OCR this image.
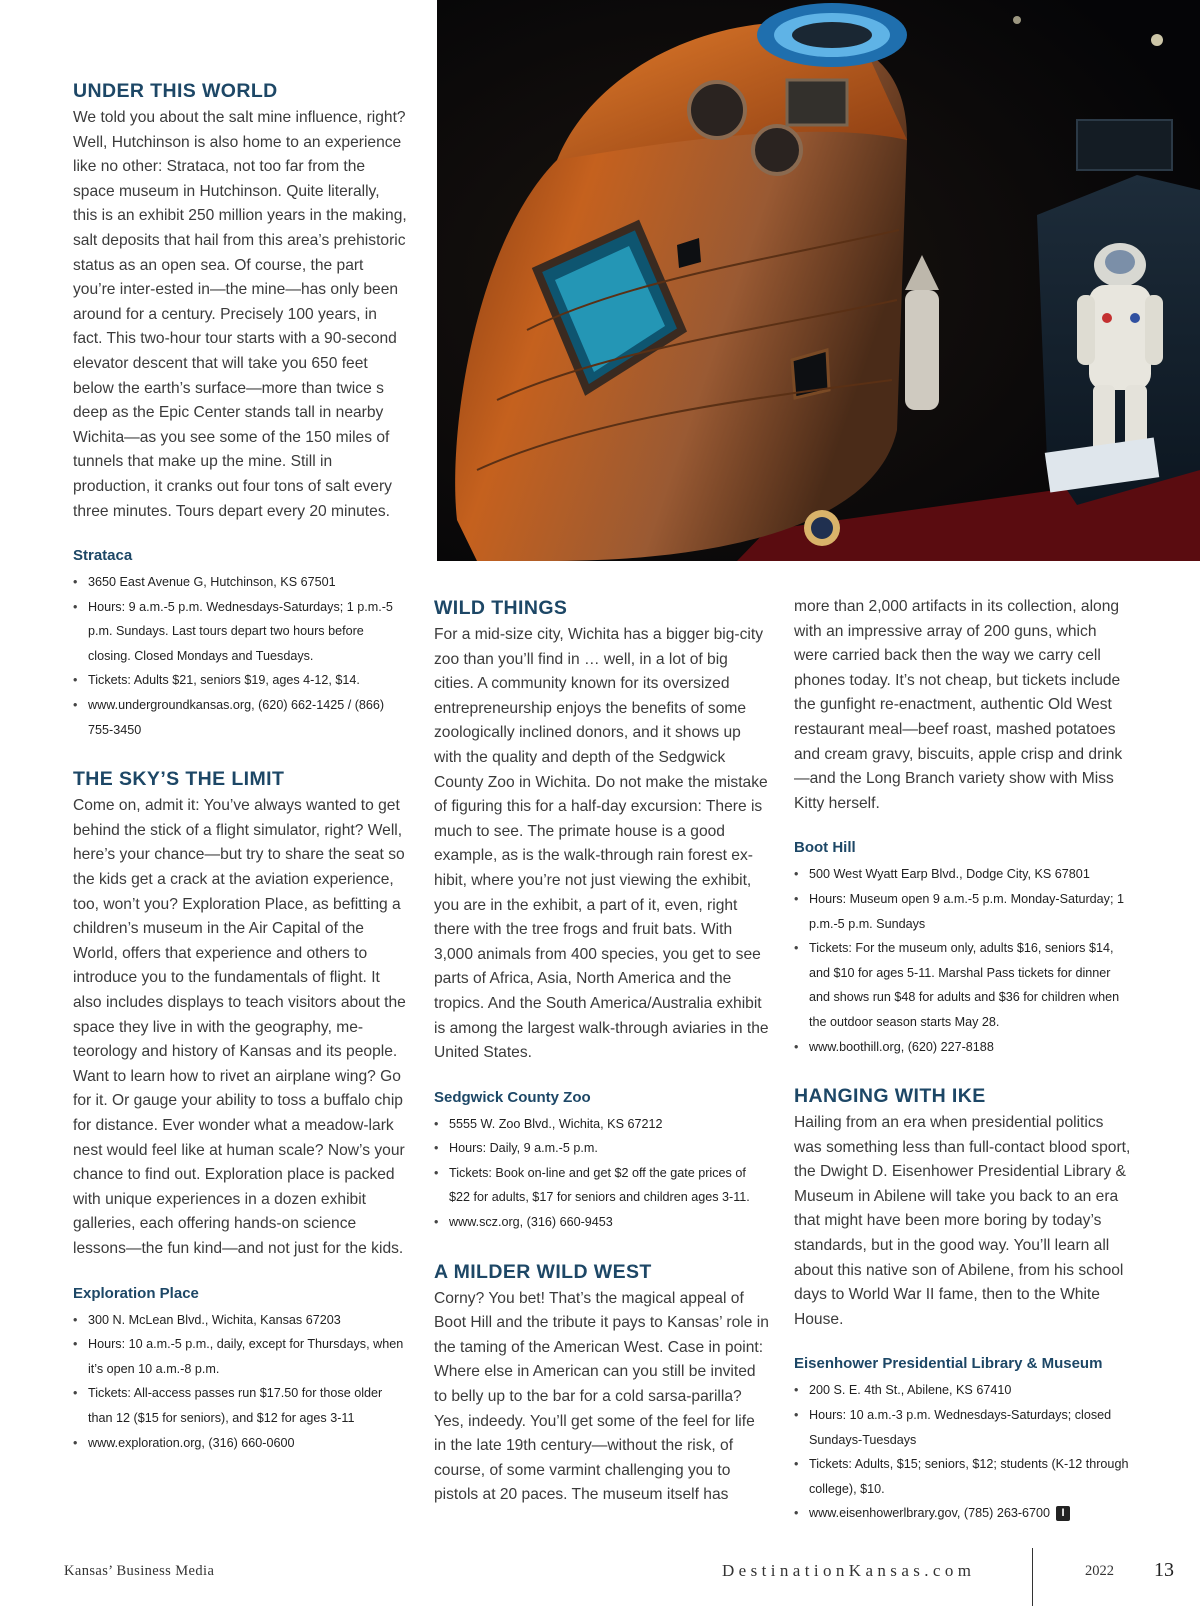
UNDER THIS WORLD

We told you about the salt mine influence, right? Well, Hutchinson is also home to an experience like no other: Strataca, not too far from the space museum in Hutchinson. Quite literally, this is an exhibit 250 million years in the making, salt deposits that hail from this area’s prehistoric status as an open sea. Of course, the part you’re inter-ested in—the mine—has only been around for a century. Precisely 100 years, in fact. This two-hour tour starts with a 90-second elevator descent that will take you 650 feet below the earth’s surface—more than twice s deep as the Epic Center stands tall in nearby Wichita—as you see some of the 150 miles of tunnels that make up the mine. Still in production, it cranks out four tons of salt every three minutes. Tours depart every 20 minutes.

Strataca
• 3650 East Avenue G, Hutchinson, KS 67501
• Hours: 9 a.m.-5 p.m. Wednesdays-Saturdays; 1 p.m.-5 p.m. Sundays. Last tours depart two hours before closing. Closed Mondays and Tuesdays.
• Tickets: Adults $21, seniors $19, ages 4-12, $14.
• www.undergroundkansas.org, (620) 662-1425 / (866) 755-3450
THE SKY’S THE LIMIT

Come on, admit it: You’ve always wanted to get behind the stick of a flight simulator, right? Well, here’s your chance—but try to share the seat so the kids get a crack at the aviation experience, too, won’t you? Exploration Place, as befitting a children’s museum in the Air Capital of the World, offers that experience and others to introduce you to the fundamentals of flight. It also includes displays to teach visitors about the space they live in with the geography, me-teorology and history of Kansas and its people. Want to learn how to rivet an airplane wing? Go for it. Or gauge your ability to toss a buffalo chip for distance. Ever wonder what a meadow-lark nest would feel like at human scale? Now’s your chance to find out. Exploration place is packed with unique experiences in a dozen exhibit galleries, each offering hands-on science lessons—the fun kind—and not just for the kids.

Exploration Place
• 300 N. McLean Blvd., Wichita, Kansas 67203
• Hours: 10 a.m.-5 p.m., daily, except for Thursdays, when it’s open 10 a.m.-8 p.m.
• Tickets: All-access passes run $17.50 for those older than 12 ($15 for seniors), and $12 for ages 3-11
• www.exploration.org, (316) 660-0600
WILD THINGS

For a mid-size city, Wichita has a bigger big-city zoo than you’ll find in … well, in a lot of big cities. A community known for its oversized entrepreneurship enjoys the benefits of some zoologically inclined donors, and it shows up with the quality and depth of the Sedgwick County Zoo in Wichita. Do not make the mistake of figuring this for a half-day excursion: There is much to see. The primate house is a good example, as is the walk-through rain forest ex-hibit, where you’re not just viewing the exhibit, you are in the exhibit, a part of it, even, right there with the tree frogs and fruit bats. With 3,000 animals from 400 species, you get to see parts of Africa, Asia, North America and the tropics. And the South America/Australia exhibit is among the largest walk-through aviaries in the United States.

Sedgwick County Zoo
• 5555 W. Zoo Blvd., Wichita, KS 67212
• Hours: Daily, 9 a.m.-5 p.m.
• Tickets: Book on-line and get $2 off the gate prices of $22 for adults, $17 for seniors and children ages 3-11.
• www.scz.org, (316) 660-9453
A MILDER WILD WEST

Corny? You bet! That’s the magical appeal of Boot Hill and the tribute it pays to Kansas’ role in the taming of the American West. Case in point: Where else in American can you still be invited to belly up to the bar for a cold sarsa-parilla? Yes, indeedy. You’ll get some of the feel for life in the late 19th century—without the risk, of course, of some varmint challenging you to pistols at 20 paces. The museum itself has

more than 2,000 artifacts in its collection, along with an impressive array of 200 guns, which were carried back then the way we carry cell phones today. It’s not cheap, but tickets include the gunfight re-enactment, authentic Old West restaurant meal—beef roast, mashed potatoes and cream gravy, biscuits, apple crisp and drink—and the Long Branch variety show with Miss Kitty herself.

Boot Hill
• 500 West Wyatt Earp Blvd., Dodge City, KS 67801
• Hours: Museum open 9 a.m.-5 p.m. Monday-Saturday; 1 p.m.-5 p.m. Sundays
• Tickets: For the museum only, adults $16, seniors $14, and $10 for ages 5-11. Marshal Pass tickets for dinner and shows run $48 for adults and $36 for children when the outdoor season starts May 28.
• www.boothill.org, (620) 227-8188
HANGING WITH IKE

Hailing from an era when presidential politics was something less than full-contact blood sport, the Dwight D. Eisenhower Presidential Library & Museum in Abilene will take you back to an era that might have been more boring by today’s standards, but in the good way. You’ll learn all about this native son of Abilene, from his school days to World War II fame, then to the White House.

Eisenhower Presidential Library & Museum
• 200 S. E. 4th St., Abilene, KS 67410
• Hours: 10 a.m.-3 p.m. Wednesdays-Saturdays; closed Sundays-Tuesdays
• Tickets: Adults, $15; seniors, $12; students (K-12 through college), $10.
• www.eisenhowerlbrary.gov, (785) 263-6700 I
Kansas’ Business Media	DestinationKansas.com	2022 13
